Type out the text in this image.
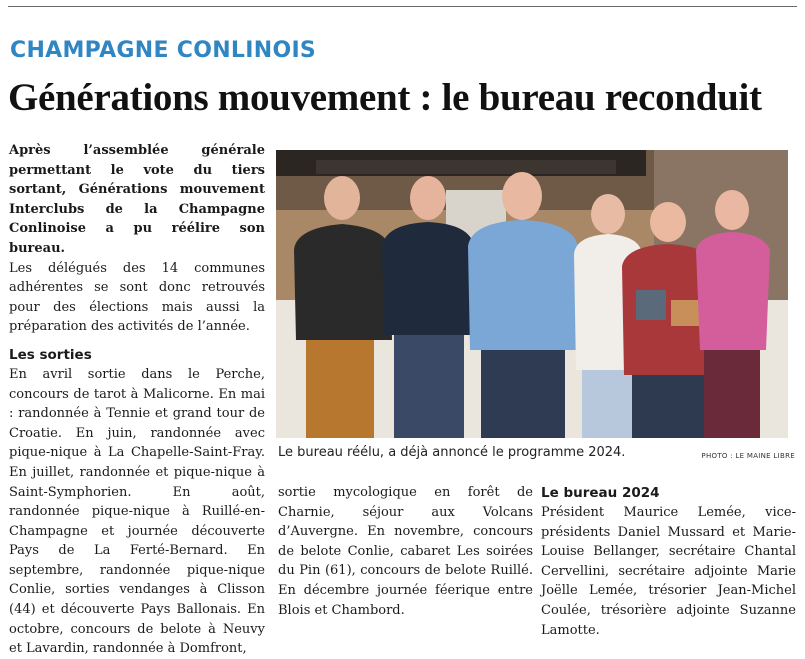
CHAMPAGNE CONLINOIS
Générations mouvement : le bureau reconduit

Après l’assemblée générale permettant le vote du tiers sortant, Générations mouvement Interclubs de la Champagne Conlinoise a pu réélire son bureau.

Les délégués des 14 communes adhérentes se sont donc retrouvés pour des élections mais aussi la préparation des activités de l’année.

Les sorties

En avril sortie dans le Perche, concours de tarot à Malicorne. En mai : randonnée à Tennie et grand tour de Croatie. En juin, randonnée avec pique-nique à La Chapelle-Saint-Fray. En juillet, randonnée et pique-nique à Saint-Symphorien. En août, randonnée pique-nique à Ruillé-en-Champagne et journée découverte Pays de La Ferté-Bernard. En septembre, randonnée pique-nique Conlie, sorties vendanges à Clisson (44) et découverte Pays Ballonais. En octobre, concours de belote à Neuvy et Lavardin, randonnée à Domfront,

Le bureau réélu, a déjà annoncé le programme 2024.	PHOTO : LE MAINE LIBRE

sortie mycologique en forêt de Charnie, séjour aux Volcans d’Auvergne. En novembre, concours de belote Conlie, cabaret Les soirées du Pin (61), concours de belote Ruillé. En décembre journée féerique entre Blois et Chambord.

Le bureau 2024

Président Maurice Lemée, vice-présidents Daniel Mussard et Marie-Louise Bellanger, secrétaire Chantal Cervellini, secrétaire adjointe Marie Joëlle Lemée, trésorier Jean-Michel Coulée, trésorière adjointe Suzanne Lamotte.
